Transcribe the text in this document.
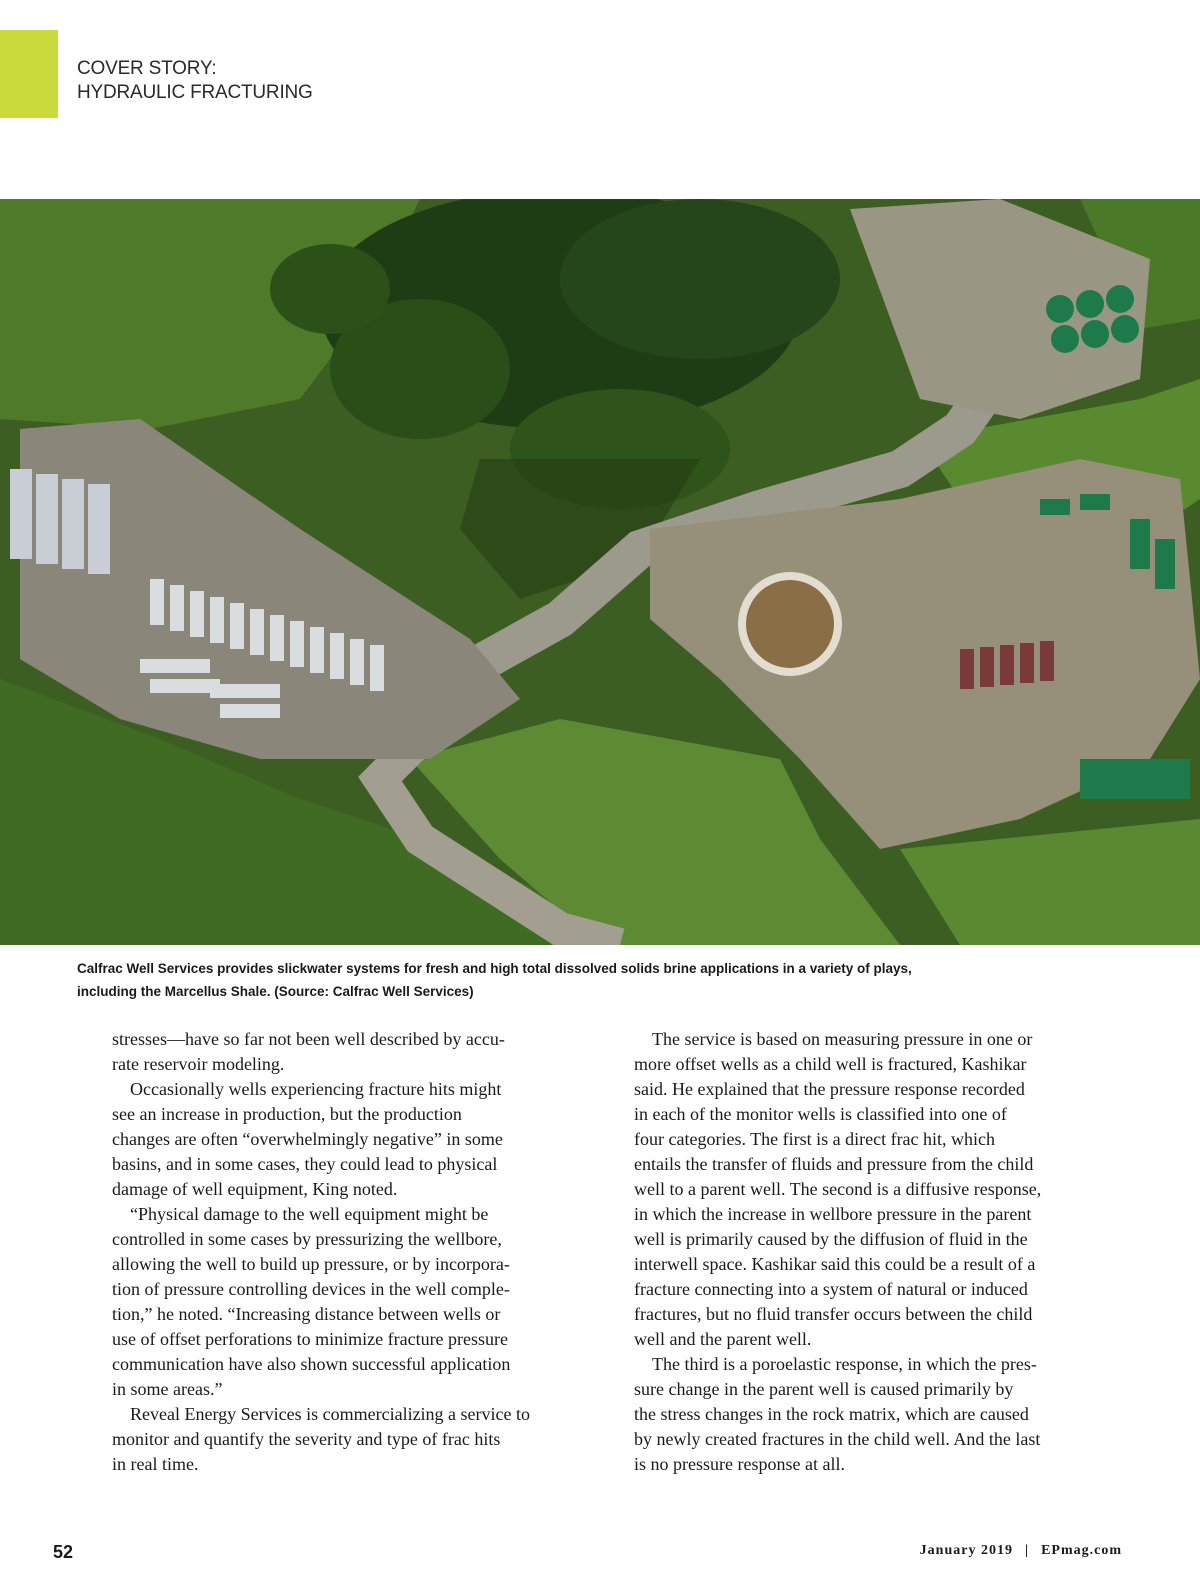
COVER STORY:
HYDRAULIC FRACTURING
Calfrac Well Services provides slickwater systems for fresh and high total dissolved solids brine applications in a variety of plays,
including the Marcellus Shale. (Source: Calfrac Well Services)

stresses—have so far not been well described by accu-

rate reservoir modeling.

Occasionally wells experiencing fracture hits might

see an increase in production, but the production

changes are often “overwhelmingly negative” in some

basins, and in some cases, they could lead to physical

damage of well equipment, King noted.

“Physical damage to the well equipment might be

controlled in some cases by pressurizing the wellbore,

allowing the well to build up pressure, or by incorpora-

tion of pressure controlling devices in the well comple-

tion,” he noted. “Increasing distance between wells or

use of offset perforations to minimize fracture pressure

communication have also shown successful application

in some areas.”

Reveal Energy Services is commercializing a service to

monitor and quantify the severity and type of frac hits

in real time.

The service is based on measuring pressure in one or

more offset wells as a child well is fractured, Kashikar

said. He explained that the pressure response recorded

in each of the monitor wells is classified into one of

four categories. The first is a direct frac hit, which

entails the transfer of fluids and pressure from the child

well to a parent well. The second is a diffusive response,

in which the increase in wellbore pressure in the parent

well is primarily caused by the diffusion of fluid in the

interwell space. Kashikar said this could be a result of a

fracture connecting into a system of natural or induced

fractures, but no fluid transfer occurs between the child

well and the parent well.

The third is a poroelastic response, in which the pres-

sure change in the parent well is caused primarily by

the stress changes in the rock matrix, which are caused

by newly created fractures in the child well. And the last

is no pressure response at all.

52	January 2019 | EPmag.com
